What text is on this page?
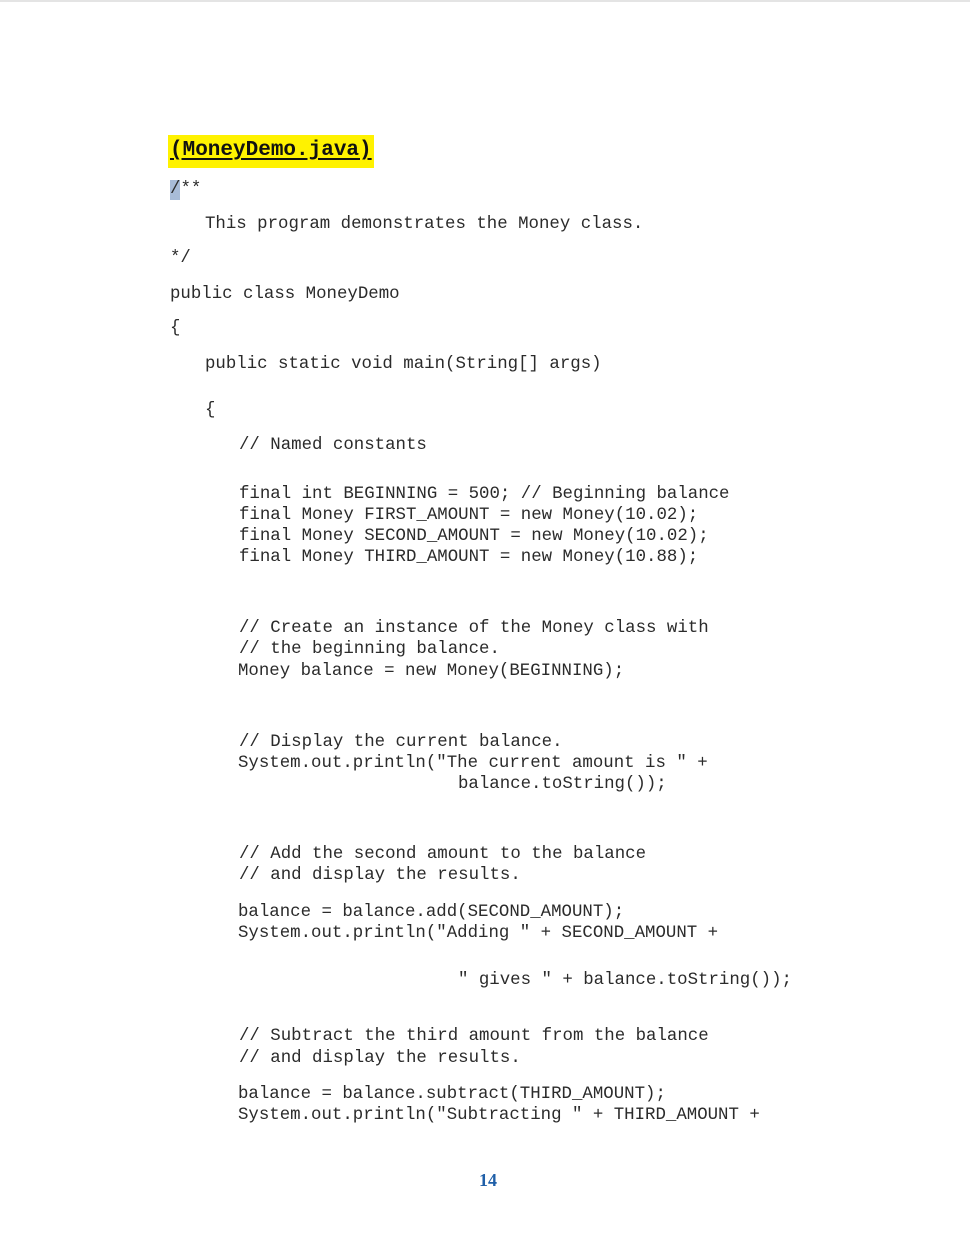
(MoneyDemo.java)
/**
This program demonstrates the Money class.
*/
public class MoneyDemo
{
public static void main(String[] args)
{
// Named constants
final int BEGINNING = 500; // Beginning balance
final Money FIRST_AMOUNT = new Money(10.02);
final Money SECOND_AMOUNT = new Money(10.02);
final Money THIRD_AMOUNT = new Money(10.88);
// Create an instance of the Money class with
// the beginning balance.
Money balance = new Money(BEGINNING);
// Display the current balance.
System.out.println("The current amount is " +
balance.toString());
// Add the second amount to the balance
// and display the results.
balance = balance.add(SECOND_AMOUNT);
System.out.println("Adding " + SECOND_AMOUNT +
" gives " + balance.toString());
// Subtract the third amount from the balance
// and display the results.
balance = balance.subtract(THIRD_AMOUNT);
System.out.println("Subtracting " + THIRD_AMOUNT +
14
